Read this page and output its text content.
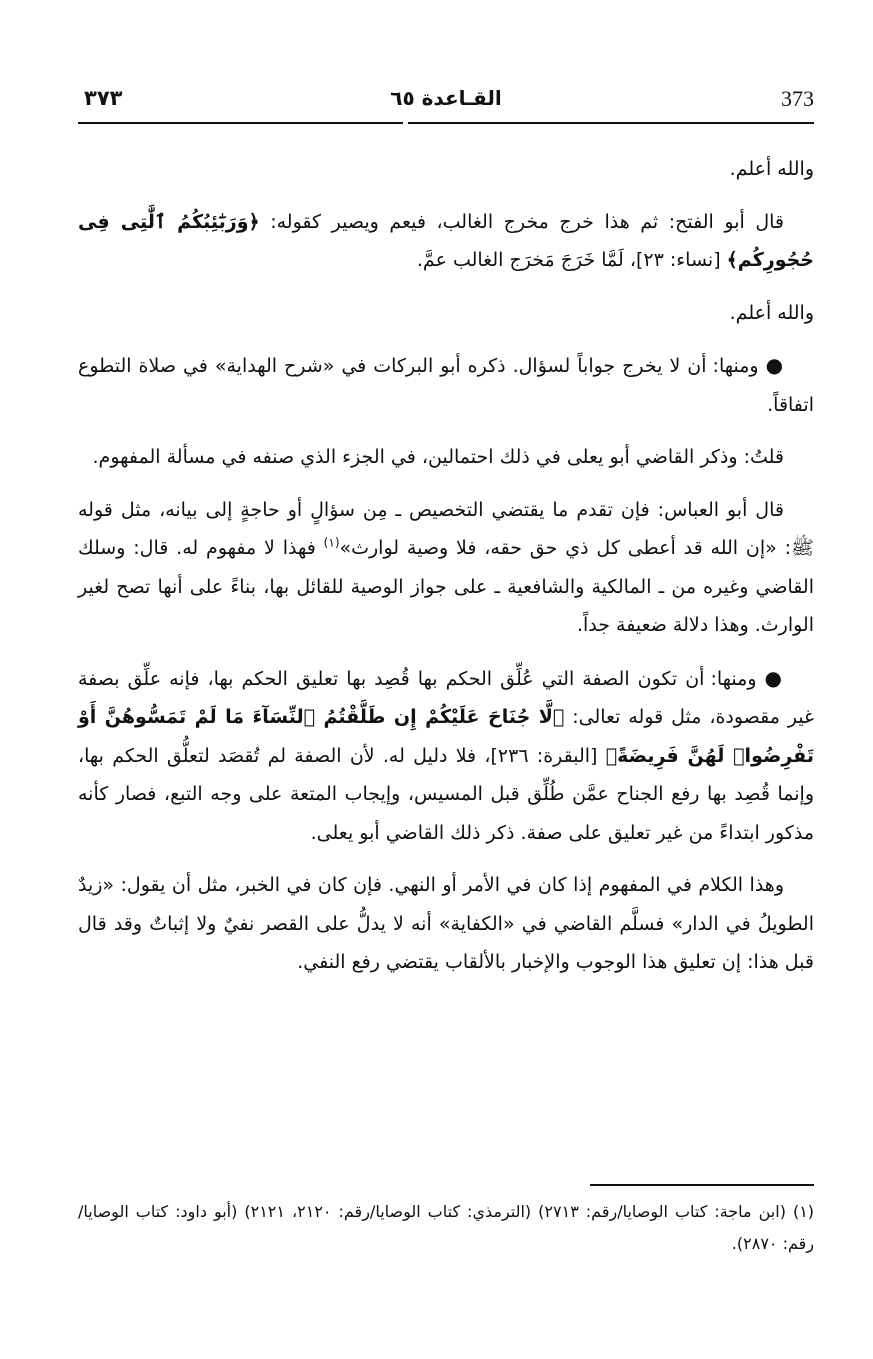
373
القـاعدة ٦٥
٣٧٣

والله أعلم.

قال أبو الفتح: ثم هذا خرج مخرج الغالب، فيعم ويصير كقوله: ﴿وَرَبَٰٓئِبُكُمُ ٱلَّٰتِى فِى حُجُورِكُم﴾ [نساء: ٢٣]، لَمَّا خَرَجَ مَخرَج الغالب عمَّ.

والله أعلم.

● ومنها: أن لا يخرج جواباً لسؤال. ذكره أبو البركات في «شرح الهداية» في صلاة التطوع اتفاقاً.

قلتُ: وذكر القاضي أبو يعلى في ذلك احتمالين، في الجزء الذي صنفه في مسألة المفهوم.

قال أبو العباس: فإن تقدم ما يقتضي التخصيص ـ مِن سؤالٍ أو حاجةٍ إلى بيانه، مثل قوله ﷺ: «إن الله قد أعطى كل ذي حق حقه، فلا وصية لوارث»$^{(١)}$ فهذا لا مفهوم له. قال: وسلك القاضي وغيره من ـ المالكية والشافعية ـ على جواز الوصية للقائل بها، بناءً على أنها تصح لغير الوارث. وهذا دلالة ضعيفة جداً.

● ومنها: أن تكون الصفة التي عُلِّق الحكم بها قُصِد بها تعليق الحكم بها، فإنه علِّق بصفة غير مقصودة، مثل قوله تعالى: ﴿لَّا جُنَاحَ عَلَيْكُمْ إِن طَلَّقْتُمُ ٱلنِّسَآءَ مَا لَمْ تَمَسُّوهُنَّ أَوْ تَفْرِضُوا۟ لَهُنَّ فَرِيضَةً﴾ [البقرة: ٢٣٦]، فلا دليل له. لأن الصفة لم تُقصَد لتعلُّق الحكم بها، وإنما قُصِد بها رفع الجناح عمَّن طُلِّق قبل المسيس، وإيجاب المتعة على وجه التبع، فصار كأنه مذكور ابتداءً من غير تعليق على صفة. ذكر ذلك القاضي أبو يعلى.

وهذا الكلام في المفهوم إذا كان في الأمر أو النهي. فإن كان في الخبر، مثل أن يقول: «زيدٌ الطويلُ في الدار» فسلَّم القاضي في «الكفاية» أنه لا يدلُّ على القصر نفيٌ ولا إثباتٌ وقد قال قبل هذا: إن تعليق هذا الوجوب والإخبار بالألقاب يقتضي رفع النفي.

(١) (ابن ماجة: كتاب الوصايا/رقم: ٢٧١٣) (الترمذي: كتاب الوصايا/رقم: ٢١٢٠، ٢١٢١) (أبو داود: كتاب الوصايا/رقم: ٢٨٧٠).
